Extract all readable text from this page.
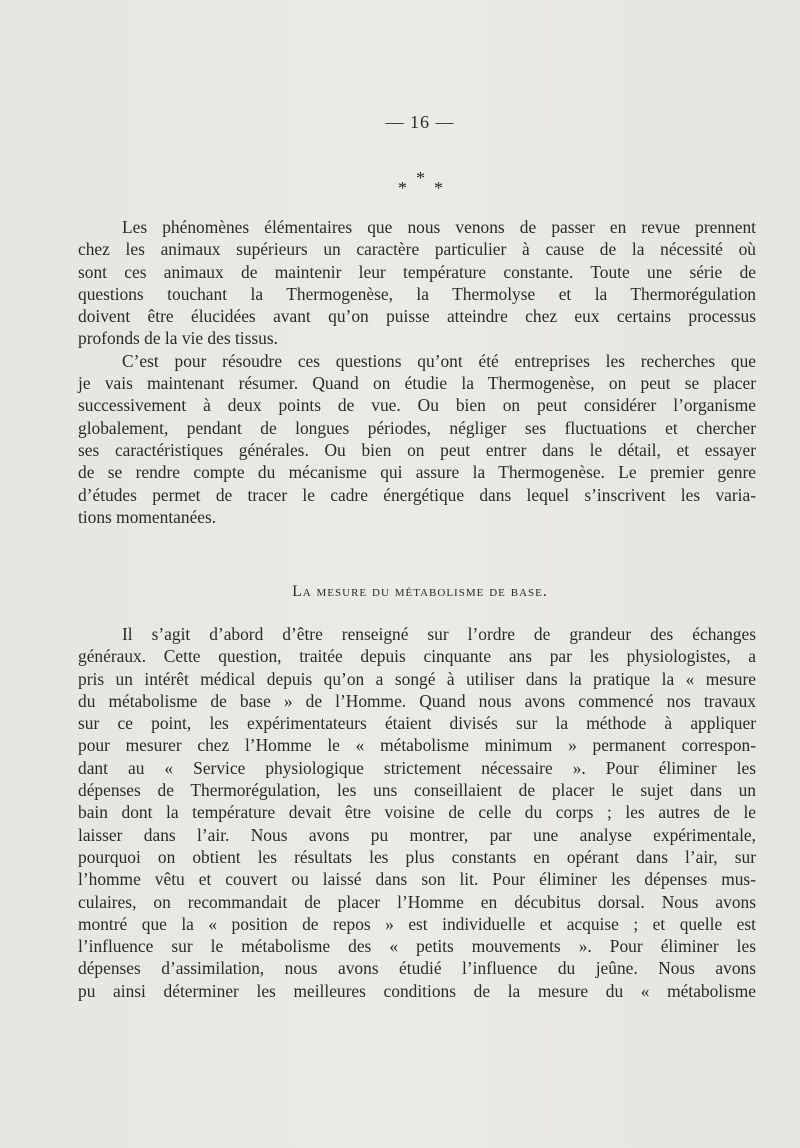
— 16 —
*
* *
Les phénomènes élémentaires que nous venons de passer en revue prennent
chez les animaux supérieurs un caractère particulier à cause de la nécessité où
sont ces animaux de maintenir leur température constante. Toute une série de
questions touchant la Thermogenèse, la Thermolyse et la Thermorégulation
doivent être élucidées avant qu’on puisse atteindre chez eux certains processus
profonds de la vie des tissus.
C’est pour résoudre ces questions qu’ont été entreprises les recherches que
je vais maintenant résumer. Quand on étudie la Thermogenèse, on peut se placer
successivement à deux points de vue. Ou bien on peut considérer l’organisme
globalement, pendant de longues périodes, négliger ses fluctuations et chercher
ses caractéristiques générales. Ou bien on peut entrer dans le détail, et essayer
de se rendre compte du mécanisme qui assure la Thermogenèse. Le premier genre
d’études permet de tracer le cadre énergétique dans lequel s’inscrivent les varia-
tions momentanées.
La mesure du métabolisme de base.
Il s’agit d’abord d’être renseigné sur l’ordre de grandeur des échanges
généraux. Cette question, traitée depuis cinquante ans par les physiologistes, a
pris un intérêt médical depuis qu’on a songé à utiliser dans la pratique la « mesure
du métabolisme de base » de l’Homme. Quand nous avons commencé nos travaux
sur ce point, les expérimentateurs étaient divisés sur la méthode à appliquer
pour mesurer chez l’Homme le « métabolisme minimum » permanent correspon-
dant au « Service physiologique strictement nécessaire ». Pour éliminer les
dépenses de Thermorégulation, les uns conseillaient de placer le sujet dans un
bain dont la température devait être voisine de celle du corps ; les autres de le
laisser dans l’air. Nous avons pu montrer, par une analyse expérimentale,
pourquoi on obtient les résultats les plus constants en opérant dans l’air, sur
l’homme vêtu et couvert ou laissé dans son lit. Pour éliminer les dépenses mus-
culaires, on recommandait de placer l’Homme en décubitus dorsal. Nous avons
montré que la « position de repos » est individuelle et acquise ; et quelle est
l’influence sur le métabolisme des « petits mouvements ». Pour éliminer les
dépenses d’assimilation, nous avons étudié l’influence du jeûne. Nous avons
pu ainsi déterminer les meilleures conditions de la mesure du « métabolisme
